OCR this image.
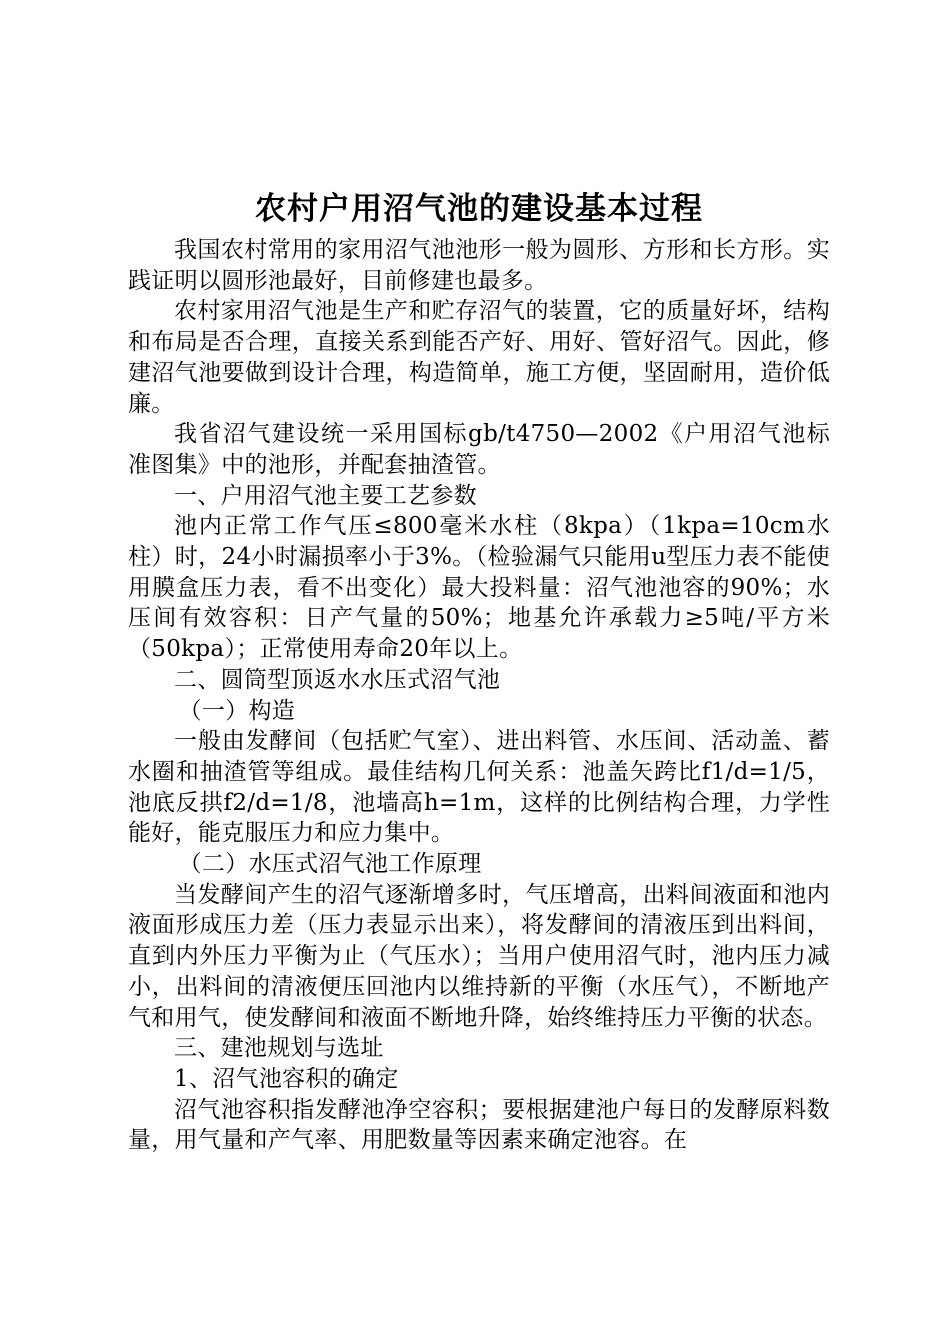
农村户用沼气池的建设基本过程

我国农村常用的家用沼气池池形一般为圆形、方形和长方形。实践证明以圆形池最好，目前修建也最多。

农村家用沼气池是生产和贮存沼气的装置，它的质量好坏，结构和布局是否合理，直接关系到能否产好、用好、管好沼气。因此，修建沼气池要做到设计合理，构造简单，施工方便，坚固耐用，造价低廉。

我省沼气建设统一采用国标gb/t4750—2002《户用沼气池标准图集》中的池形，并配套抽渣管。

一、户用沼气池主要工艺参数

池内正常工作气压≤800毫米水柱（8kpa）（1kpa=10cm水柱）时，24小时漏损率小于3%。（检验漏气只能用u型压力表不能使用膜盒压力表，看不出变化）最大投料量：沼气池池容的90%；水压间有效容积：日产气量的50%；地基允许承载力≥5吨/平方米（50kpa）；正常使用寿命20年以上。

二、圆筒型顶返水水压式沼气池

（一）构造

一般由发酵间（包括贮气室）、进出料管、水压间、活动盖、蓄水圈和抽渣管等组成。最佳结构几何关系：池盖矢跨比f1/d=1/5，池底反拱f2/d=1/8，池墙高h=1m，这样的比例结构合理，力学性能好，能克服压力和应力集中。

（二）水压式沼气池工作原理

当发酵间产生的沼气逐渐增多时，气压增高，出料间液面和池内液面形成压力差（压力表显示出来），将发酵间的清液压到出料间，直到内外压力平衡为止（气压水）；当用户使用沼气时，池内压力减小，出料间的清液便压回池内以维持新的平衡（水压气），不断地产气和用气，使发酵间和液面不断地升降，始终维持压力平衡的状态。

三、建池规划与选址

1、沼气池容积的确定

沼气池容积指发酵池净空容积；要根据建池户每日的发酵原料数量，用气量和产气率、用肥数量等因素来确定池容。在
